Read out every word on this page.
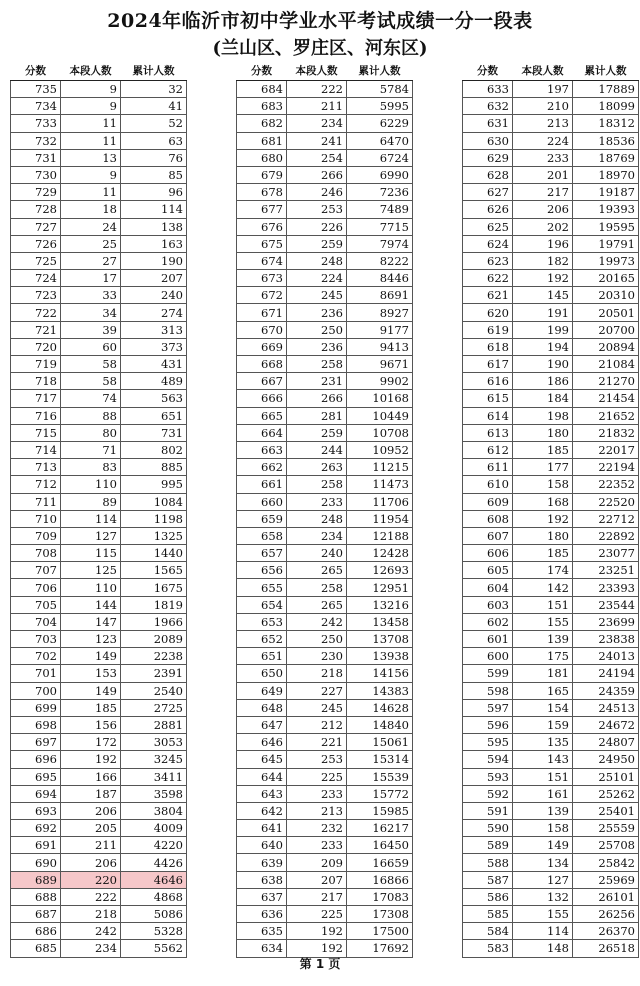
2024年临沂市初中学业水平考试成绩一分一段表
(兰山区、罗庄区、河东区)
分数	本段人数	累计人数
735	9	32
734	9	41
733	11	52
732	11	63
731	13	76
730	9	85
729	11	96
728	18	114
727	24	138
726	25	163
725	27	190
724	17	207
723	33	240
722	34	274
721	39	313
720	60	373
719	58	431
718	58	489
717	74	563
716	88	651
715	80	731
714	71	802
713	83	885
712	110	995
711	89	1084
710	114	1198
709	127	1325
708	115	1440
707	125	1565
706	110	1675
705	144	1819
704	147	1966
703	123	2089
702	149	2238
701	153	2391
700	149	2540
699	185	2725
698	156	2881
697	172	3053
696	192	3245
695	166	3411
694	187	3598
693	206	3804
692	205	4009
691	211	4220
690	206	4426
689	220	4646
688	222	4868
687	218	5086
686	242	5328
685	234	5562
分数	本段人数	累计人数
684	222	5784
683	211	5995
682	234	6229
681	241	6470
680	254	6724
679	266	6990
678	246	7236
677	253	7489
676	226	7715
675	259	7974
674	248	8222
673	224	8446
672	245	8691
671	236	8927
670	250	9177
669	236	9413
668	258	9671
667	231	9902
666	266	10168
665	281	10449
664	259	10708
663	244	10952
662	263	11215
661	258	11473
660	233	11706
659	248	11954
658	234	12188
657	240	12428
656	265	12693
655	258	12951
654	265	13216
653	242	13458
652	250	13708
651	230	13938
650	218	14156
649	227	14383
648	245	14628
647	212	14840
646	221	15061
645	253	15314
644	225	15539
643	233	15772
642	213	15985
641	232	16217
640	233	16450
639	209	16659
638	207	16866
637	217	17083
636	225	17308
635	192	17500
634	192	17692
分数	本段人数	累计人数
633	197	17889
632	210	18099
631	213	18312
630	224	18536
629	233	18769
628	201	18970
627	217	19187
626	206	19393
625	202	19595
624	196	19791
623	182	19973
622	192	20165
621	145	20310
620	191	20501
619	199	20700
618	194	20894
617	190	21084
616	186	21270
615	184	21454
614	198	21652
613	180	21832
612	185	22017
611	177	22194
610	158	22352
609	168	22520
608	192	22712
607	180	22892
606	185	23077
605	174	23251
604	142	23393
603	151	23544
602	155	23699
601	139	23838
600	175	24013
599	181	24194
598	165	24359
597	154	24513
596	159	24672
595	135	24807
594	143	24950
593	151	25101
592	161	25262
591	139	25401
590	158	25559
589	149	25708
588	134	25842
587	127	25969
586	132	26101
585	155	26256
584	114	26370
583	148	26518
第 1 页
